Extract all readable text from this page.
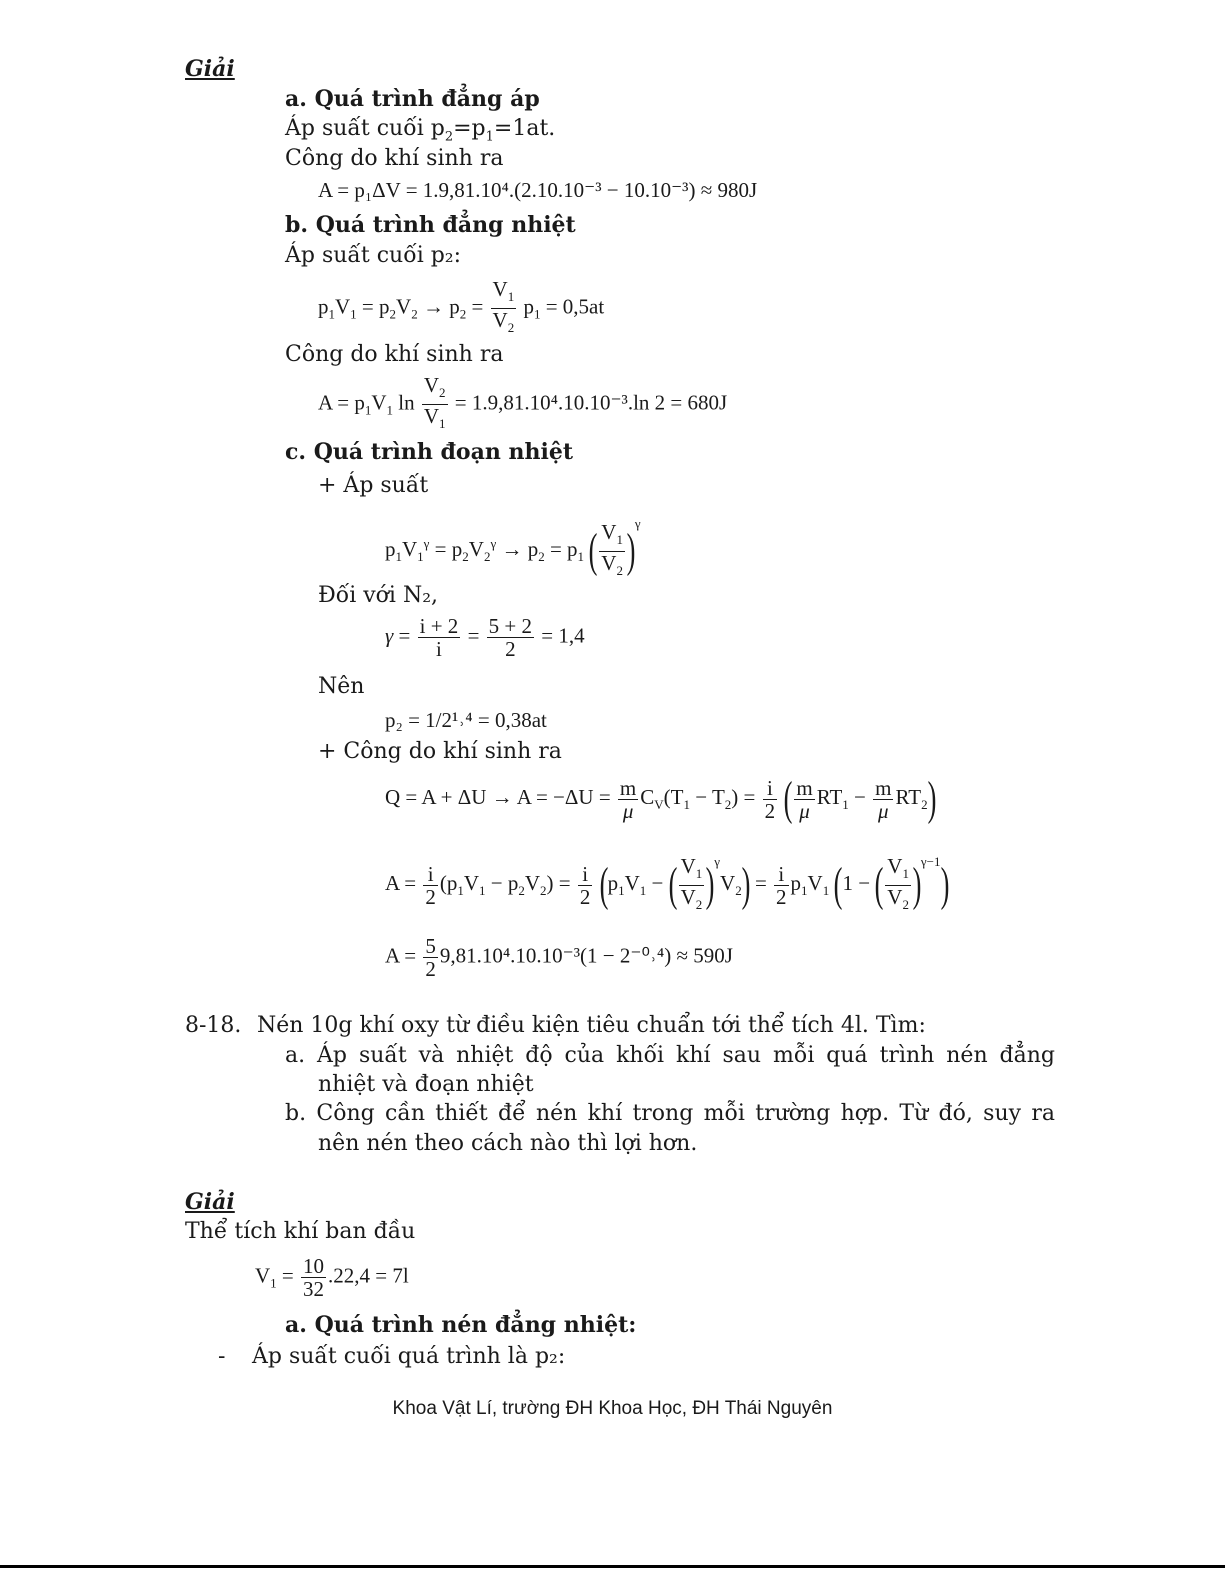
Giải
a. Quá trình đẳng áp
Áp suất cuối $p_2=p_1=1at$.
Công do khí sinh ra
A = p₁ΔV = 1.9,81.10⁴.(2.10.10⁻³ − 10.10⁻³) ≈ 980J
b. Quá trình đẳng nhiệt
Áp suất cuối p₂:
$p_1V_1 = p_2V_2 \to p_2 = \frac{V_1}{V_2} p_1 = 0,5at$
Công do khí sinh ra
$A = p_1V_1$ $\ln \frac{V_2}{V_1} = 1.9,81.10^4.10.10^{-3}.\ln$ 2 = 680J
c. Quá trình đoạn nhiệt
+ Áp suất
$p_1V_1^\gamma = p_2V_2^\gamma \to p_2 = p_1$ ( $\frac{V_1}{V_2} )^\gamma$
Đối với N₂,
$\gamma = \frac{i + 2}{i} = \frac{5 + 2}{2} = 1,4$
Nên
p₂ = 1/2¹˒⁴ = 0,38at
+ Công do khí sinh ra
$Q = A + \Delta U \to A = -\Delta U = \frac{m}{\mu} C_V(T_1 - T_2) = \frac{i}{2}$ ( $\frac{m}{\mu} RT_1 - \frac{m}{\mu} RT_2$)
$A = \frac{i}{2} (p_1V_1 - p_2V_2) = \frac{i}{2} (p_1V_1$ − ( $\frac{V_1}{V_2} )^\gamma V_2) = \frac{i}{2} p_1V_1$ (1 − ( $\frac{V_1}{V_2} )^{\gamma-1}$)
$A = \frac{5}{2} 9,81.10^4.10.10^{-3}(1$ − 2⁻⁰˒⁴) ≈ 590J
8-18. Nén 10g khí oxy từ điều kiện tiêu chuẩn tới thể tích 4l. Tìm:
a. Áp suất và nhiệt độ của khối khí sau mỗi quá trình nén đẳng
nhiệt và đoạn nhiệt
b. Công cần thiết để nén khí trong mỗi trường hợp. Từ đó, suy ra
nên nén theo cách nào thì lợi hơn.
Giải
Thể tích khí ban đầu
$V_1 = \frac{10}{32} .22,4 = 7l$
a. Quá trình nén đẳng nhiệt:
- Áp suất cuối quá trình là p₂:
Khoa Vật Lí, trường ĐH Khoa Học, ĐH Thái Nguyên
